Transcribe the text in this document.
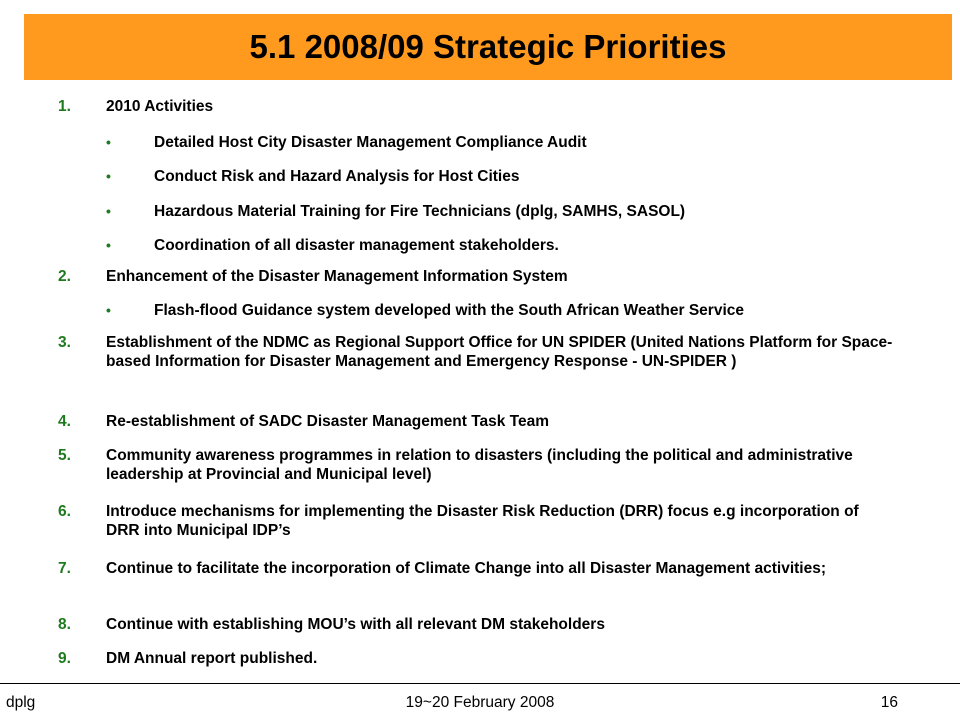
5.1 2008/09 Strategic Priorities
1. 2010 Activities
•	Detailed Host City Disaster Management Compliance Audit
•	Conduct Risk and Hazard Analysis for Host Cities
•	Hazardous Material Training for Fire Technicians (dplg, SAMHS, SASOL)
•	Coordination of all disaster management stakeholders.
2. Enhancement of the Disaster Management Information System
•	Flash-flood Guidance system developed with the South African Weather Service
3. Establishment of the NDMC as Regional Support Office for UN SPIDER (United Nations Platform for Space-based Information for Disaster Management and Emergency Response - UN-SPIDER )
4. Re-establishment of SADC Disaster Management Task Team
5. Community awareness programmes in relation to disasters (including the political and administrative leadership at Provincial and Municipal level)
6. Introduce mechanisms for implementing the Disaster Risk Reduction (DRR) focus e.g incorporation of DRR into Municipal IDP’s
7. Continue to facilitate the incorporation of Climate Change into all Disaster Management activities;
8. Continue with establishing MOU’s with all relevant DM stakeholders
9. DM Annual report published.
dplg	19~20 February 2008	16
